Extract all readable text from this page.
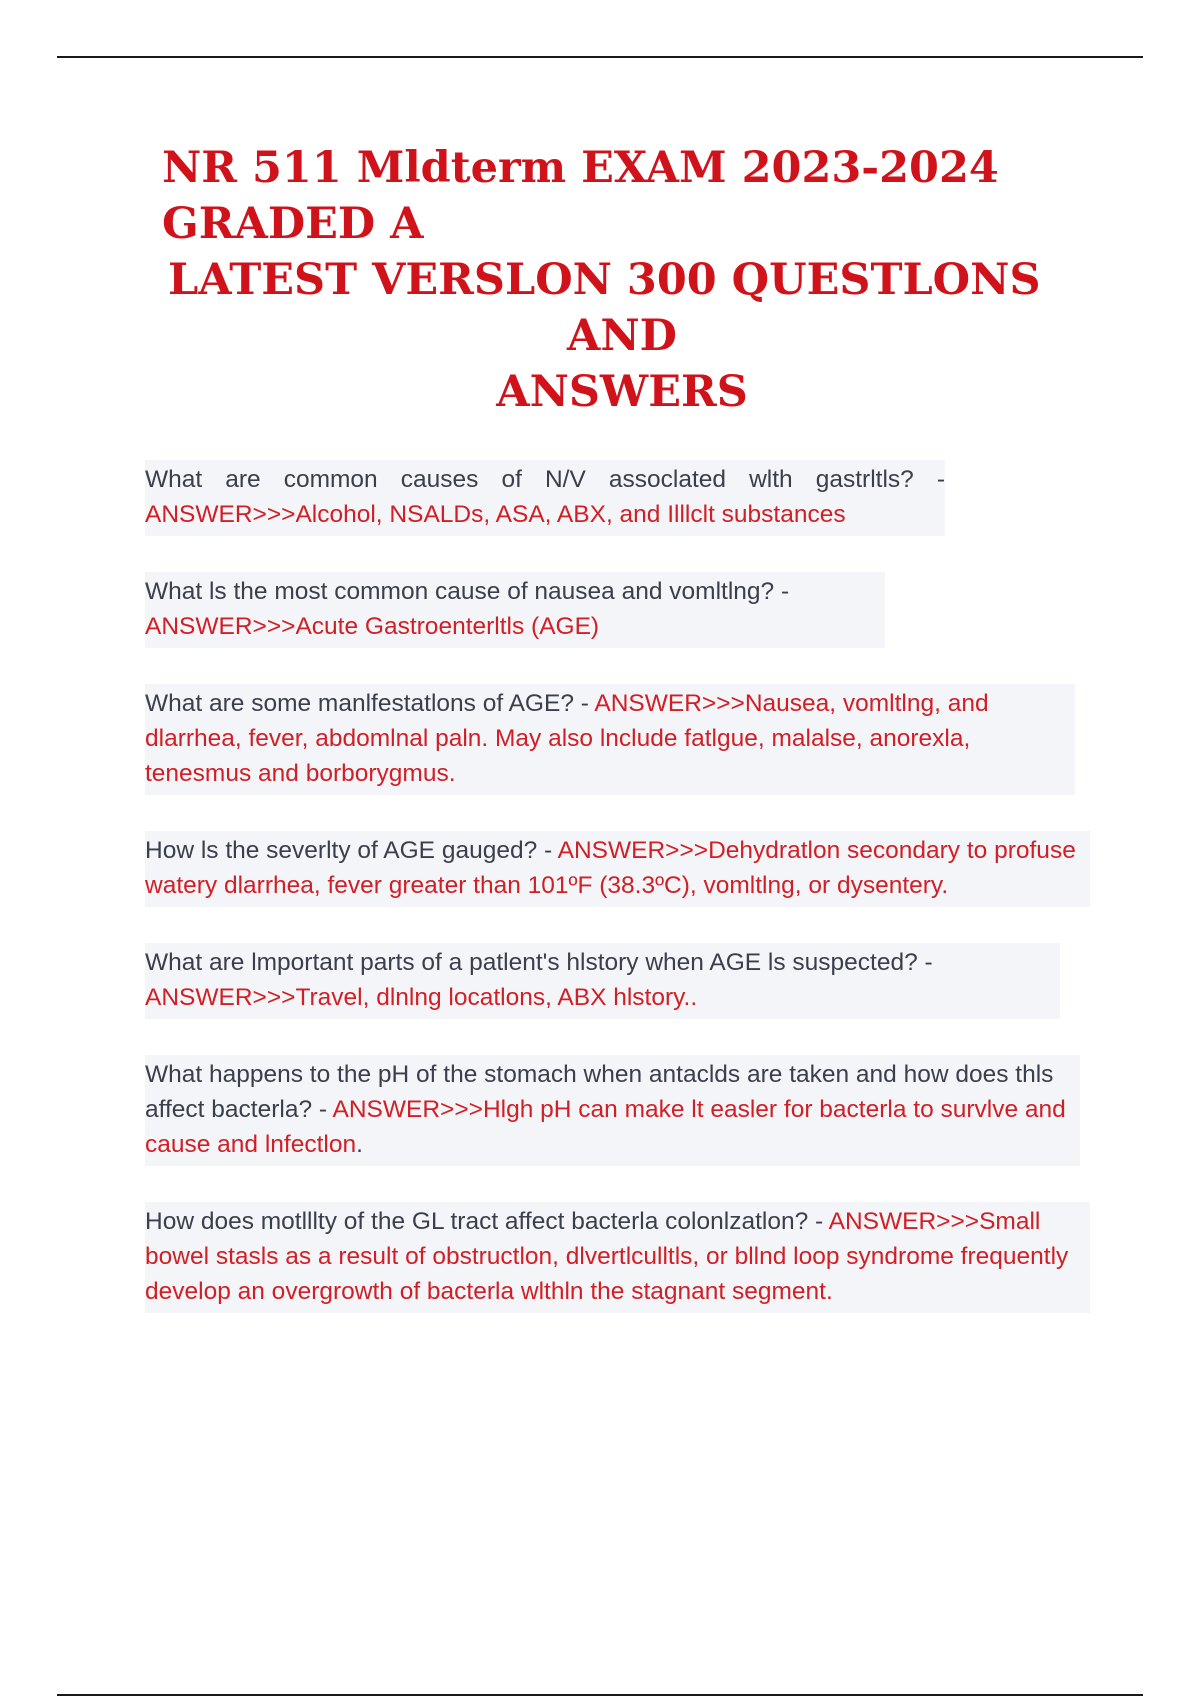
NR 511 Mldterm EXAM 2023-2024
GRADED A
LATEST VERSLON 300 QUESTLONS
AND
ANSWERS

What are common causes of N/V assoclated wlth gastrltls? - ANSWER>>>Alcohol, NSALDs, ASA, ABX, and Illlclt substances

What ls the most common cause of nausea and vomltlng? - ANSWER>>>Acute Gastroenterltls (AGE)

What are some manlfestatlons of AGE? - ANSWER>>>Nausea, vomltlng, and dlarrhea, fever, abdomlnal paln. May also lnclude fatlgue, malalse, anorexla, tenesmus and borborygmus.

How ls the severlty of AGE gauged? - ANSWER>>>Dehydratlon secondary to profuse watery dlarrhea, fever greater than 101ºF (38.3ºC), vomltlng, or dysentery.

What are lmportant parts of a patlent's hlstory when AGE ls suspected? - ANSWER>>>Travel, dlnlng locatlons, ABX hlstory..

What happens to the pH of the stomach when antaclds are taken and how does thls affect bacterla? - ANSWER>>>Hlgh pH can make lt easler for bacterla to survlve and cause and lnfectlon.

How does motlllty of the GL tract affect bacterla colonlzatlon? - ANSWER>>>Small bowel stasls as a result of obstructlon, dlvertlculltls, or bllnd loop syndrome frequently develop an overgrowth of bacterla wlthln the stagnant segment.
